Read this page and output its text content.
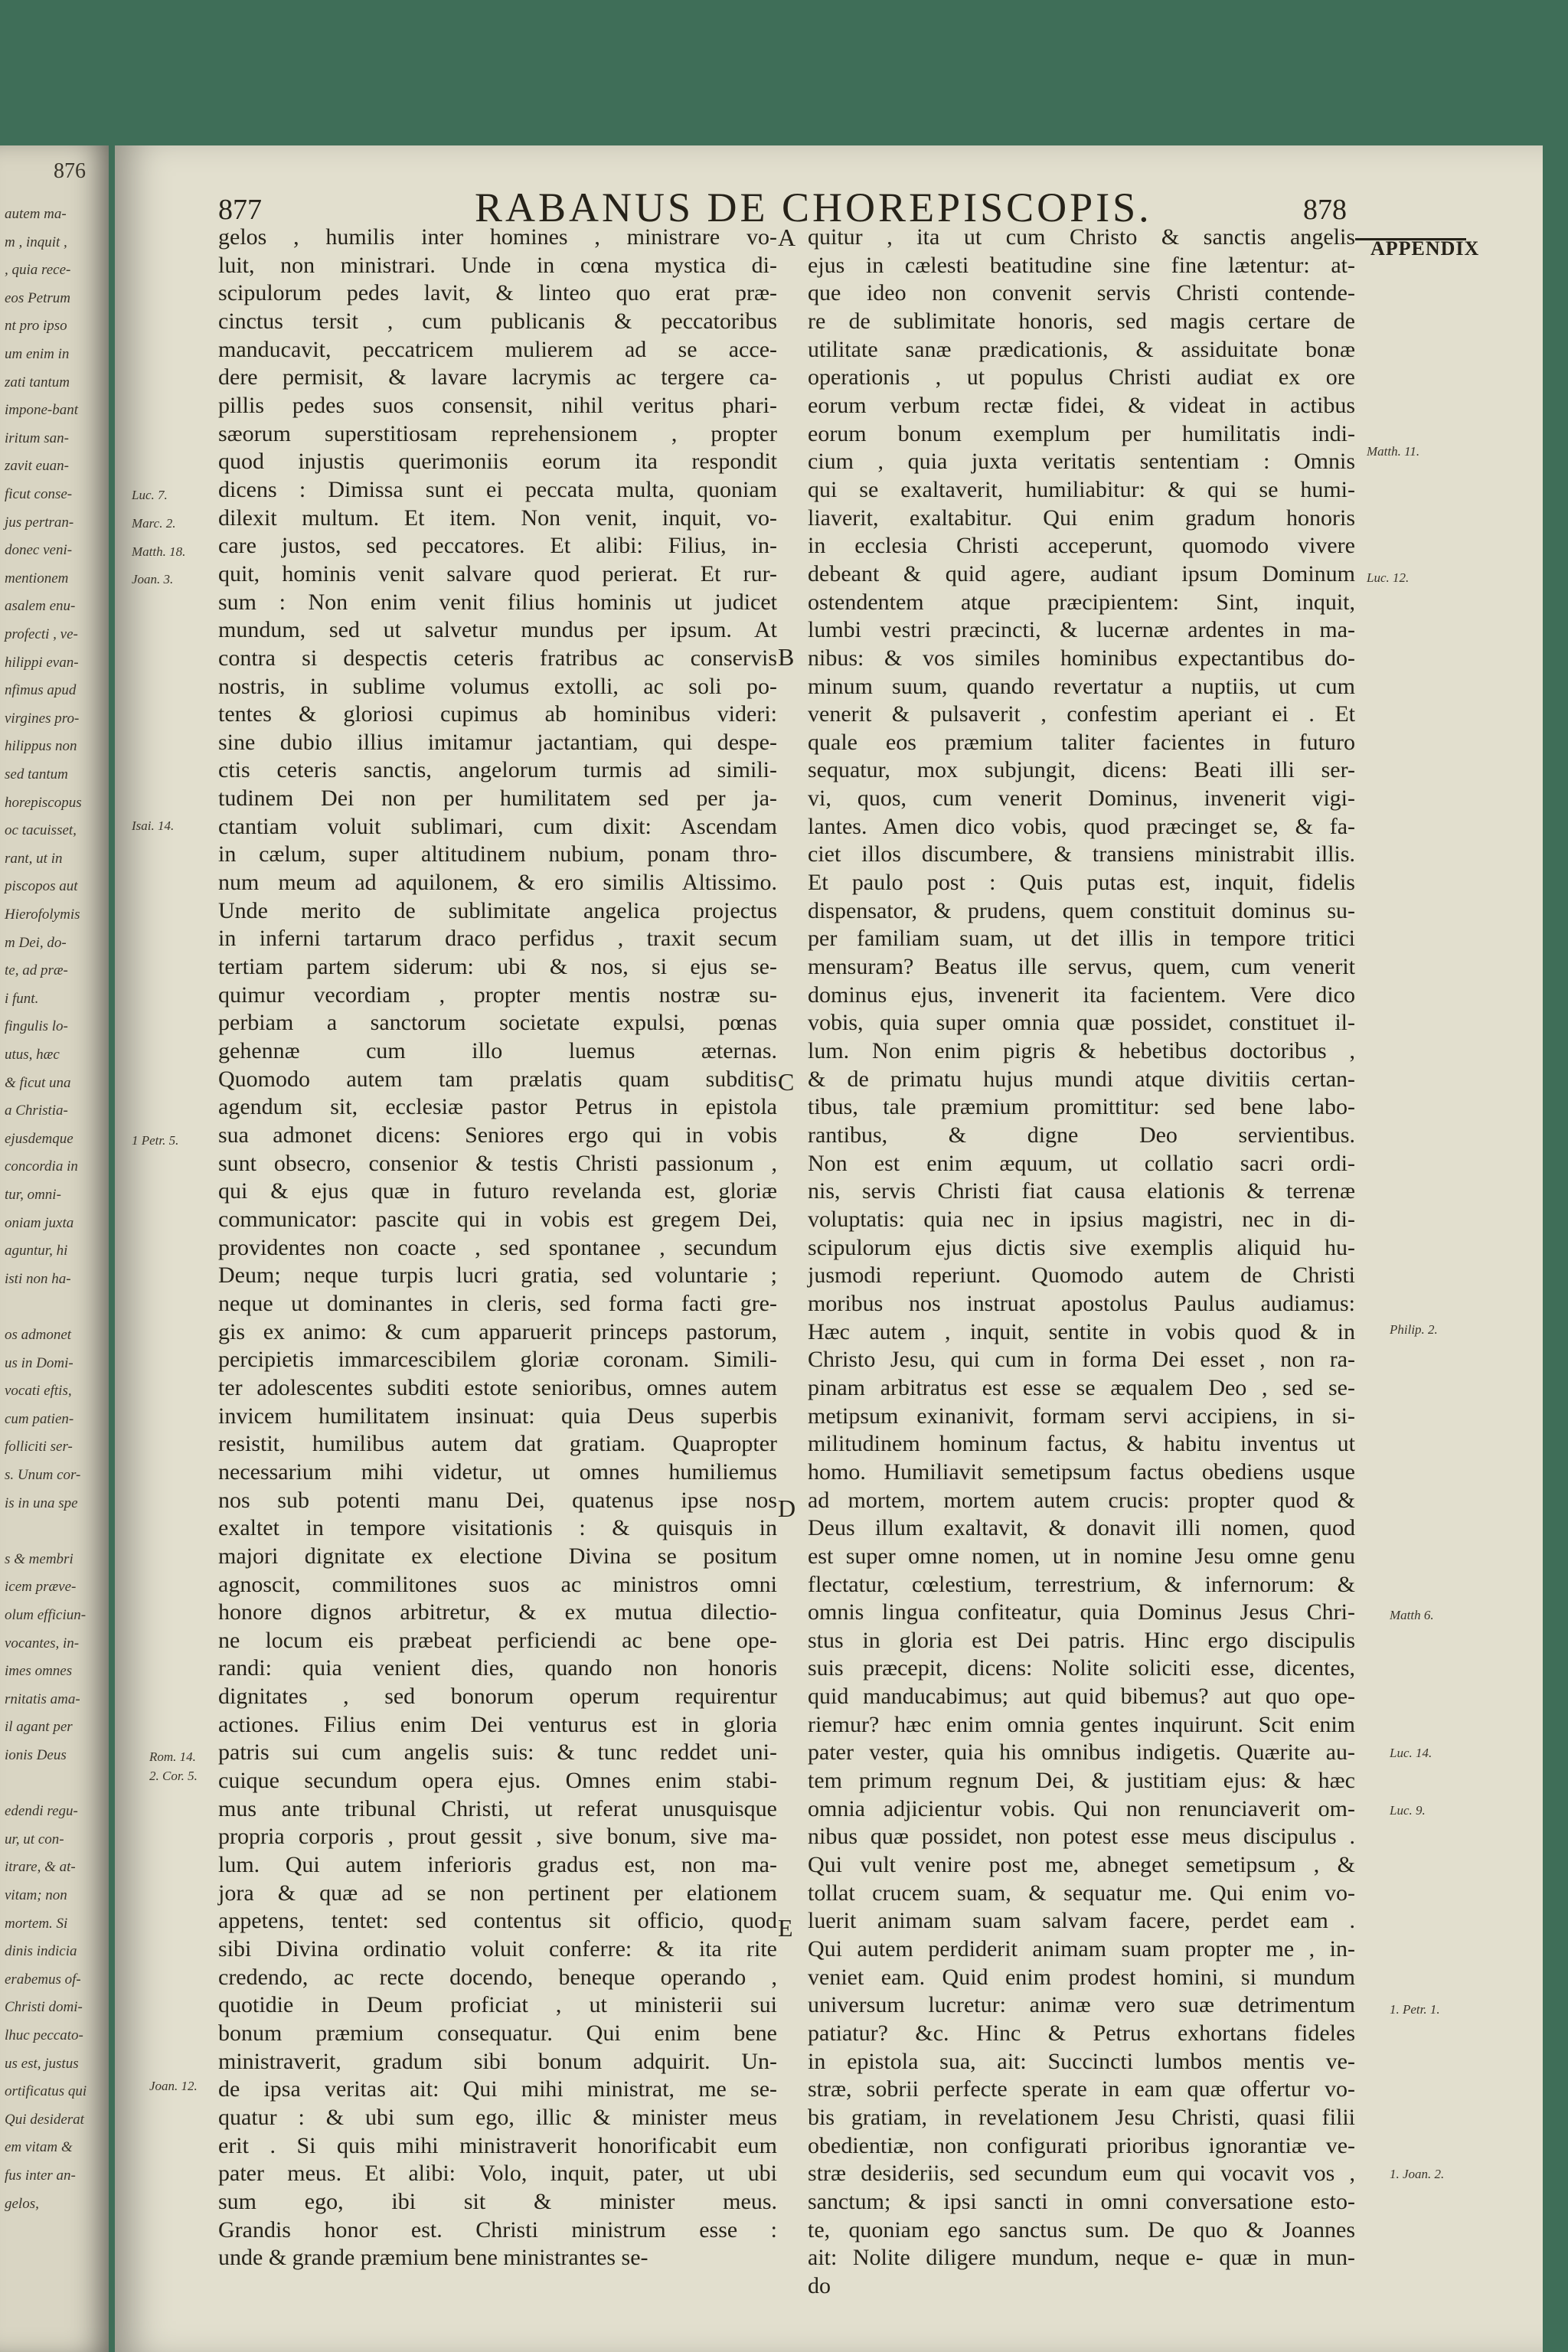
876
autem ma-
m , inquit ,
, quia rece-
eos Petrum
nt pro ipso
um enim in
zati tantum
impone-bant
iritum san-
zavit euan-
ficut conse-
jus pertran-
donec veni-
mentionem
asalem enu-
profecti , ve-
hilippi evan-
nfimus apud
virgines pro-
hilippus non
sed tantum
horepiscopus
oc tacuisset,
rant, ut in
piscopos aut
Hierofolymis
m Dei, do-
te, ad præ-
i funt.
fingulis lo-
utus, hæc
& ficut una
a Christia-
ejusdemque
concordia in
tur, omni-
oniam juxta
aguntur, hi
isti non ha-
os admonet
us in Domi-
vocati eftis,
cum patien-
folliciti ser-
s. Unum cor-
is in una spe
s & membri
icem præve-
olum efficiun-
vocantes, in-
imes omnes
rnitatis ama-
il agant per
ionis Deus
edendi regu-
ur, ut con-
itrare, & at-
vitam; non
mortem. Si
dinis indicia
erabemus of-
Christi domi-
lhuc peccato-
us est, justus
ortificatus qui
Qui desiderat
em vitam &
fus inter an-
gelos,
877	RABANUS DE CHOREPISCOPIS.	878
APPENDIX

gelos , humilis inter homines , ministrare vo-

luit, non ministrari. Unde in cœna mystica di-

scipulorum pedes lavit, & linteo quo erat præ-

cinctus tersit , cum publicanis & peccatoribus

manducavit, peccatricem mulierem ad se acce-

dere permisit, & lavare lacrymis ac tergere ca-

pillis pedes suos consensit, nihil veritus phari-

sæorum superstitiosam reprehensionem , propter

quod injustis querimoniis eorum ita respondit

dicens : Dimissa sunt ei peccata multa, quoniam

dilexit multum. Et item. Non venit, inquit, vo-

care justos, sed peccatores. Et alibi: Filius, in-

quit, hominis venit salvare quod perierat. Et rur-

sum : Non enim venit filius hominis ut judicet

mundum, sed ut salvetur mundus per ipsum. At

contra si despectis ceteris fratribus ac conservis

nostris, in sublime volumus extolli, ac soli po-

tentes & gloriosi cupimus ab hominibus videri:

sine dubio illius imitamur jactantiam, qui despe-

ctis ceteris sanctis, angelorum turmis ad simili-

tudinem Dei non per humilitatem sed per ja-

ctantiam voluit sublimari, cum dixit: Ascendam

in cælum, super altitudinem nubium, ponam thro-

num meum ad aquilonem, & ero similis Altissimo.

Unde merito de sublimitate angelica projectus

in inferni tartarum draco perfidus , traxit secum

tertiam partem siderum: ubi & nos, si ejus se-

quimur vecordiam , propter mentis nostræ su-

perbiam a sanctorum societate expulsi, pœnas

gehennæ cum illo luemus æternas.

Quomodo autem tam prælatis quam subditis

agendum sit, ecclesiæ pastor Petrus in epistola

sua admonet dicens: Seniores ergo qui in vobis

sunt obsecro, consenior & testis Christi passionum ,

qui & ejus quæ in futuro revelanda est, gloriæ

communicator: pascite qui in vobis est gregem Dei,

providentes non coacte , sed spontanee , secundum

Deum; neque turpis lucri gratia, sed voluntarie ;

neque ut dominantes in cleris, sed forma facti gre-

gis ex animo: & cum apparuerit princeps pastorum,

percipietis immarcescibilem gloriæ coronam. Simili-

ter adolescentes subditi estote senioribus, omnes autem

invicem humilitatem insinuat: quia Deus superbis

resistit, humilibus autem dat gratiam. Quapropter

necessarium mihi videtur, ut omnes humiliemus

nos sub potenti manu Dei, quatenus ipse nos

exaltet in tempore visitationis : & quisquis in

majori dignitate ex electione Divina se positum

agnoscit, commilitones suos ac ministros omni

honore dignos arbitretur, & ex mutua dilectio-

ne locum eis præbeat perficiendi ac bene ope-

randi: quia venient dies, quando non honoris

dignitates , sed bonorum operum requirentur

actiones. Filius enim Dei venturus est in gloria

patris sui cum angelis suis: & tunc reddet uni-

cuique secundum opera ejus. Omnes enim stabi-

mus ante tribunal Christi, ut referat unusquisque

propria corporis , prout gessit , sive bonum, sive ma-

lum. Qui autem inferioris gradus est, non ma-

jora & quæ ad se non pertinent per elationem

appetens, tentet: sed contentus sit officio, quod

sibi Divina ordinatio voluit conferre: & ita rite

credendo, ac recte docendo, beneque operando ,

quotidie in Deum proficiat , ut ministerii sui

bonum præmium consequatur. Qui enim bene

ministraverit, gradum sibi bonum adquirit. Un-

de ipsa veritas ait: Qui mihi ministrat, me se-

quatur : & ubi sum ego, illic & minister meus

erit . Si quis mihi ministraverit honorificabit eum

pater meus. Et alibi: Volo, inquit, pater, ut ubi

sum ego, ibi sit & minister meus.

Grandis honor est. Christi ministrum esse :

unde & grande præmium bene ministrantes se-

quitur , ita ut cum Christo & sanctis angelis

ejus in cælesti beatitudine sine fine lætentur: at-

que ideo non convenit servis Christi contende-

re de sublimitate honoris, sed magis certare de

utilitate sanæ prædicationis, & assiduitate bonæ

operationis , ut populus Christi audiat ex ore

eorum verbum rectæ fidei, & videat in actibus

eorum bonum exemplum per humilitatis indi-

cium , quia juxta veritatis sententiam : Omnis

qui se exaltaverit, humiliabitur: & qui se humi-

liaverit, exaltabitur. Qui enim gradum honoris

in ecclesia Christi acceperunt, quomodo vivere

debeant & quid agere, audiant ipsum Dominum

ostendentem atque præcipientem: Sint, inquit,

lumbi vestri præcincti, & lucernæ ardentes in ma-

nibus: & vos similes hominibus expectantibus do-

minum suum, quando revertatur a nuptiis, ut cum

venerit & pulsaverit , confestim aperiant ei . Et

quale eos præmium taliter facientes in futuro

sequatur, mox subjungit, dicens: Beati illi ser-

vi, quos, cum venerit Dominus, invenerit vigi-

lantes. Amen dico vobis, quod præcinget se, & fa-

ciet illos discumbere, & transiens ministrabit illis.

Et paulo post : Quis putas est, inquit, fidelis

dispensator, & prudens, quem constituit dominus su-

per familiam suam, ut det illis in tempore tritici

mensuram? Beatus ille servus, quem, cum venerit

dominus ejus, invenerit ita facientem. Vere dico

vobis, quia super omnia quæ possidet, constituet il-

lum. Non enim pigris & hebetibus doctoribus ,

& de primatu hujus mundi atque divitiis certan-

tibus, tale præmium promittitur: sed bene labo-

rantibus, & digne Deo servientibus.

Non est enim æquum, ut collatio sacri ordi-

nis, servis Christi fiat causa elationis & terrenæ

voluptatis: quia nec in ipsius magistri, nec in di-

scipulorum ejus dictis sive exemplis aliquid hu-

jusmodi reperiunt. Quomodo autem de Christi

moribus nos instruat apostolus Paulus audiamus:

Hæc autem , inquit, sentite in vobis quod & in

Christo Jesu, qui cum in forma Dei esset , non ra-

pinam arbitratus est esse se æqualem Deo , sed se-

metipsum exinanivit, formam servi accipiens, in si-

militudinem hominum factus, & habitu inventus ut

homo. Humiliavit semetipsum factus obediens usque

ad mortem, mortem autem crucis: propter quod &

Deus illum exaltavit, & donavit illi nomen, quod

est super omne nomen, ut in nomine Jesu omne genu

flectatur, cœlestium, terrestrium, & infernorum: &

omnis lingua confiteatur, quia Dominus Jesus Chri-

stus in gloria est Dei patris. Hinc ergo discipulis

suis præcepit, dicens: Nolite soliciti esse, dicentes,

quid manducabimus; aut quid bibemus? aut quo ope-

riemur? hæc enim omnia gentes inquirunt. Scit enim

pater vester, quia his omnibus indigetis. Quærite au-

tem primum regnum Dei, & justitiam ejus: & hæc

omnia adjicientur vobis. Qui non renunciaverit om-

nibus quæ possidet, non potest esse meus discipulus .

Qui vult venire post me, abneget semetipsum , &

tollat crucem suam, & sequatur me. Qui enim vo-

luerit animam suam salvam facere, perdet eam .

Qui autem perdiderit animam suam propter me , in-

veniet eam. Quid enim prodest homini, si mundum

universum lucretur: animæ vero suæ detrimentum

patiatur? &c. Hinc & Petrus exhortans fideles

in epistola sua, ait: Succincti lumbos mentis ve-

stræ, sobrii perfecte sperate in eam quæ offertur vo-

bis gratiam, in revelationem Jesu Christi, quasi filii

obedientiæ, non configurati prioribus ignorantiæ ve-

stræ desideriis, sed secundum eum qui vocavit vos ,

sanctum; & ipsi sancti in omni conversatione esto-

te, quoniam ego sanctus sum. De quo & Joannes

ait: Nolite diligere mundum, neque e- quæ in mun-

do

Luc. 7.
Marc. 2.
Matth. 18.
Joan. 3.
Isai. 14.
1 Petr. 5.
Rom. 14.
2. Cor. 5.
Joan. 12.
Matth. 11.
Luc. 12.
Philip. 2.
Matth 6.
Luc. 14.
Luc. 9.
1. Petr. 1.
1. Joan. 2.
A
B
C
D
E
